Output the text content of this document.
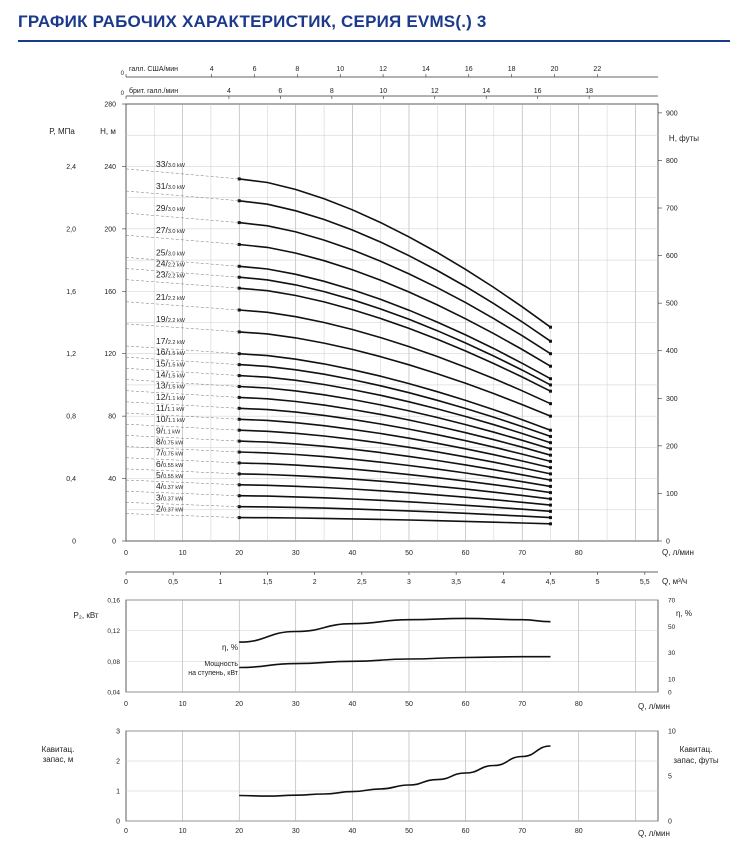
ГРАФИК РАБОЧИХ ХАРАКТЕРИСТИК, СЕРИЯ EVMS(.) 3
0
40
80
120
160
200
240
280
H, м
0
0,4
0,8
1,2
1,6
2,0
2,4
P, МПа
0
100
200
300
400
500
600
700
800
900
H, футы
0	10	20	30	40	50	60	70	80	Q, л/мин
4	6	8	10	12	14	16	18	20	22
0
галл. США/мин
4	6	8	10	12	14	16	18
0 брит. галл./мин
0	0,5	1	1,5	2	2,5	3	3,5	4	4,5	5	5,5 Q, м³/ч
33/3.0 kW
31/3.0 kW
29/3.0 kW
27/3.0 kW
25/3.0 kW
24/2.2 kW
23/2.2 kW
21/2.2 kW
19/2.2 kW
17/2.2 kW
16/1.5 kW
15/1.5 kW
14/1.5 kW
13/1.5 kW
12/1.1 kW
11/1.1 kW
10/1.1 kW
9/1.1 kW
8/0.75 kW
7/0.75 kW
6/0.55 kW
5/0.55 kW
4/0.37 kW
3/0.37 kW
2/0.37 kW
0,04
0,08
0,12
0,16
P₂, кВт
0
10
30
50
70
η, %
0	10	20	30	40	50	60	70	80	Q, л/мин
η, %
Мощность
на ступень, кВт
0
1
2
3
Кавитац.
запас, м
0
5
10
Кавитац.
запас, футы
0	10	20	30	40	50	60	70	80	Q, л/мин
